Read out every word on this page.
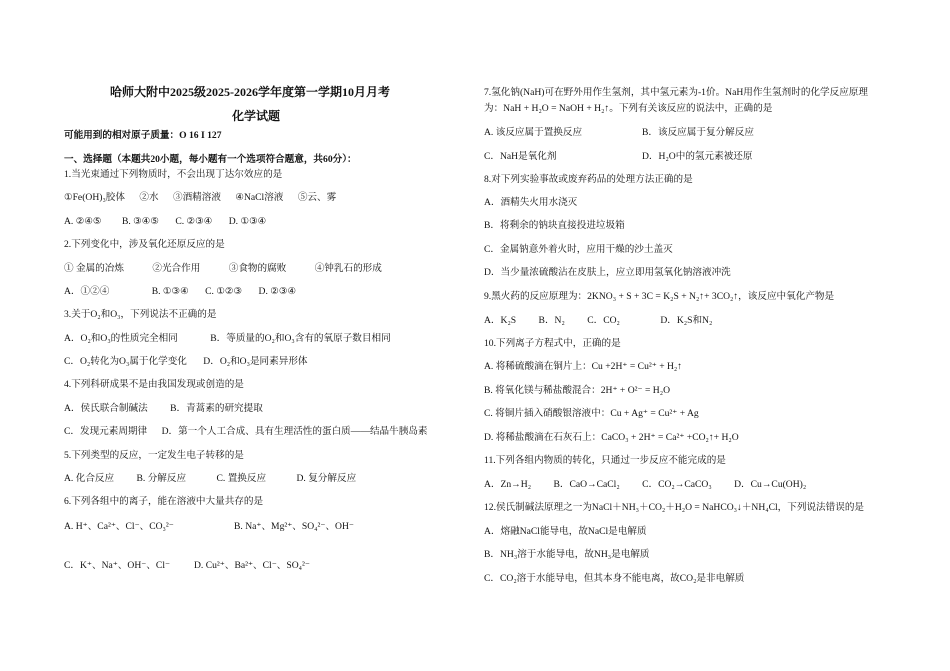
哈师大附中2025级2025-2026学年度第一学期10月月考
化学试题
可能用到的相对原子质量：O 16 I 127
一、选择题（本题共20小题，每小题有一个选项符合题意，共60分）：
1.当光束通过下列物质时，不会出现丁达尔效应的是
①Fe(OH)₃胶体 ②水 ③酒精溶液 ④NaCl溶液 ⑤云、雾
A. ②④⑤ B. ③④⑤ C. ②③④ D. ①③④
2.下列变化中，涉及氧化还原反应的是
① 金属的冶炼	②光合作用	③食物的腐败	④钟乳石的形成
A．①②④	B. ①③④ C. ①②③ D. ②③④
3.关于O₂和O₃，下列说法不正确的是
A．O₂和O₃的性质完全相同	B．等质量的O₂和O₃含有的氧原子数目相同
C．O₂转化为O₃属于化学变化 D．O₂和O₃是同素异形体
4.下列科研成果不是由我国发现或创造的是
A．侯氏联合制碱法 B．青蒿素的研究提取
C．发现元素周期律 D．第一个人工合成、具有生理活性的蛋白质——结晶牛胰岛素
5.下列类型的反应，一定发生电子转移的是
A. 化合反应 B. 分解反应	C. 置换反应	D. 复分解反应
6.下列各组中的离子，能在溶液中大量共存的是
A. H⁺、Ca²⁺、Cl⁻、CO₃²⁻	B. Na⁺、Mg²⁺、SO₄²⁻、OH⁻
C．K⁺、Na⁺、OH⁻、Cl⁻ D. Cu²⁺、Ba²⁺、Cl⁻、SO₄²⁻
7.氢化钠(NaH)可在野外用作生氢剂，其中氢元素为-1价。NaH用作生氢剂时的化学反应原理
为：NaH + H₂O = NaOH + H₂↑。下列有关该反应的说法中，正确的是
A. 该反应属于置换反应	B．该反应属于复分解反应
C．NaH是氧化剂	D．H₂O中的氢元素被还原
8.对下列实验事故或废弃药品的处理方法正确的是
A．酒精失火用水浇灭
B．将剩余的钠块直接投进垃圾箱
C．金属钠意外着火时，应用干燥的沙土盖灭
D．当少量浓硫酸沾在皮肤上，应立即用氢氧化钠溶液冲洗
9.黑火药的反应原理为：2KNO₃ + S + 3C = K₂S + N₂↑+ 3CO₂↑，该反应中氧化产物是
A．K₂S B．N₂ C．CO₂	D．K₂S和N₂
10.下列离子方程式中，正确的是
A. 将稀硫酸滴在铜片上：Cu +2H⁺ = Cu²⁺ + H₂↑
B. 将氧化镁与稀盐酸混合：2H⁺ + O²⁻ = H₂O
C. 将铜片插入硝酸银溶液中：Cu + Ag⁺ = Cu²⁺ + Ag
D. 将稀盐酸滴在石灰石上：CaCO₃ + 2H⁺ = Ca²⁺ +CO₂↑+ H₂O
11.下列各组内物质的转化，只通过一步反应不能完成的是
A．Zn→H₂ B．CaO→CaCl₂ C．CO₂→CaCO₃ D．Cu→Cu(OH)₂
12.侯氏制碱法原理之一为NaCl＋NH₃＋CO₂＋H₂O = NaHCO₃↓＋NH₄Cl，下列说法错误的是
A．熔融NaCl能导电，故NaCl是电解质
B．NH₃溶于水能导电，故NH₃是电解质
C．CO₂溶于水能导电，但其本身不能电离，故CO₂是非电解质
